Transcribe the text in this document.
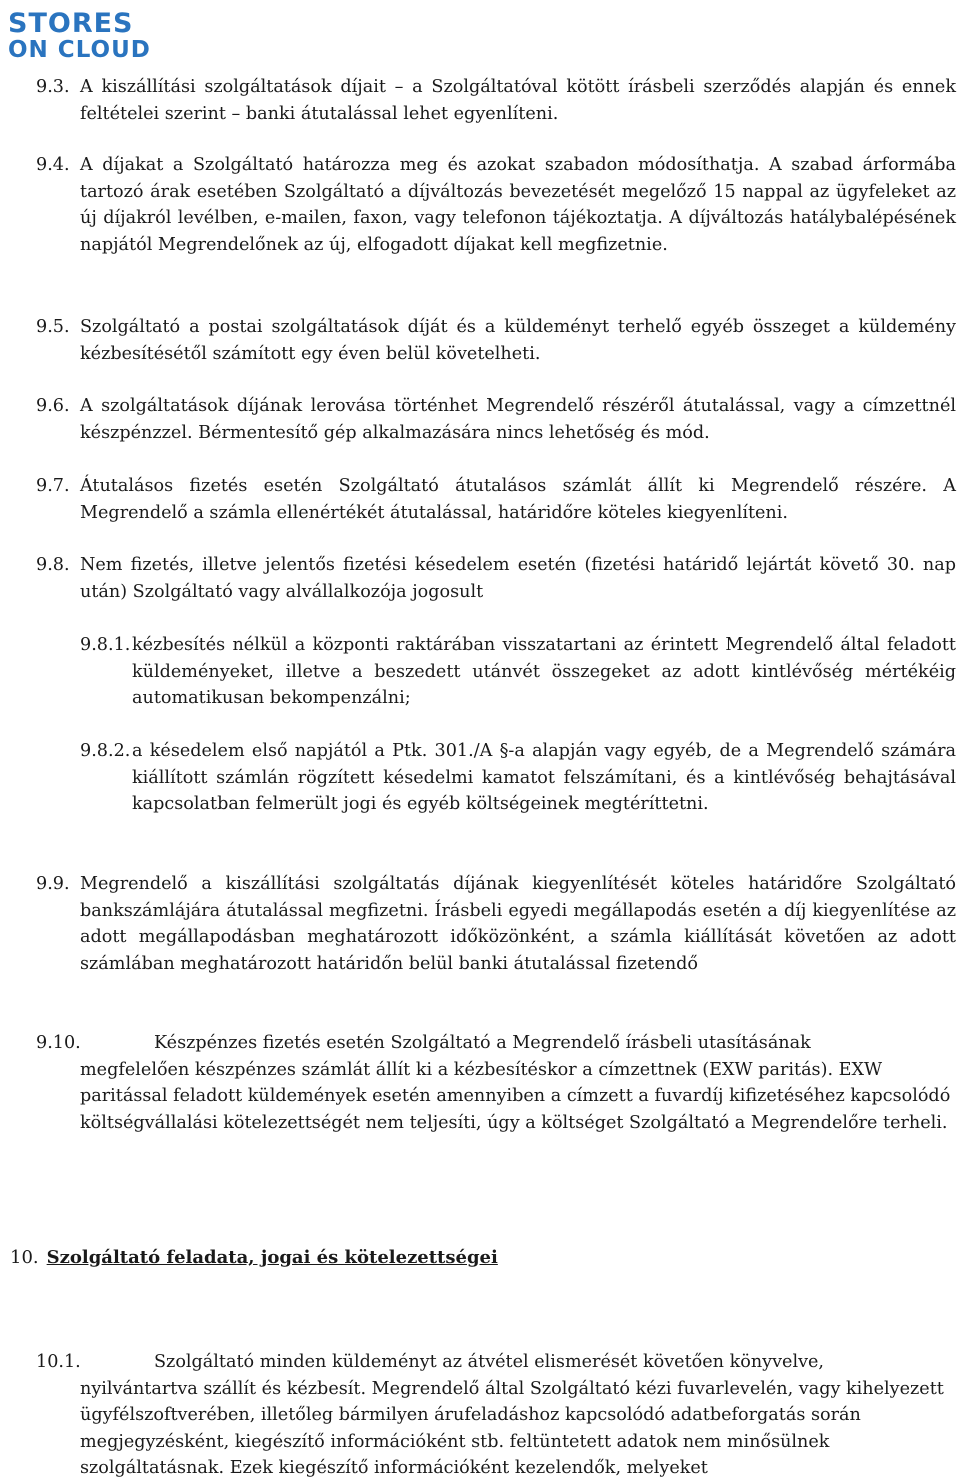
STORES
ON CLOUD
9.3. A kiszállítási szolgáltatások díjait – a Szolgáltatóval kötött írásbeli szerződés alapján és ennek feltételei szerint – banki átutalással lehet egyenlíteni.
9.4. A díjakat a Szolgáltató határozza meg és azokat szabadon módosíthatja. A szabad árformába tartozó árak esetében Szolgáltató a díjváltozás bevezetését megelőző 15 nappal az ügyfeleket az új díjakról levélben, e-mailen, faxon, vagy telefonon tájékoztatja. A díjváltozás hatálybalépésének napjától Megrendelőnek az új, elfogadott díjakat kell megfizetnie.
9.5. Szolgáltató a postai szolgáltatások díját és a küldeményt terhelő egyéb összeget a küldemény kézbesítésétől számított egy éven belül követelheti.
9.6. A szolgáltatások díjának lerovása történhet Megrendelő részéről átutalással, vagy a címzettnél készpénzzel. Bérmentesítő gép alkalmazására nincs lehetőség és mód.
9.7. Átutalásos fizetés esetén Szolgáltató átutalásos számlát állít ki Megrendelő részére. A Megrendelő a számla ellenértékét átutalással, határidőre köteles kiegyenlíteni.
9.8. Nem fizetés, illetve jelentős fizetési késedelem esetén (fizetési határidő lejártát követő 30. nap után) Szolgáltató vagy alvállalkozója jogosult
9.8.1. kézbesítés nélkül a központi raktárában visszatartani az érintett Megrendelő által feladott küldeményeket, illetve a beszedett utánvét összegeket az adott kintlévőség mértékéig automatikusan bekompenzálni;
9.8.2. a késedelem első napjától a Ptk. 301./A §-a alapján vagy egyéb, de a Megrendelő számára kiállított számlán rögzített késedelmi kamatot felszámítani, és a kintlévőség behajtásával kapcsolatban felmerült jogi és egyéb költségeinek megtéríttetni.
9.9. Megrendelő a kiszállítási szolgáltatás díjának kiegyenlítését köteles határidőre Szolgáltató bankszámlájára átutalással megfizetni. Írásbeli egyedi megállapodás esetén a díj kiegyenlítése az adott megállapodásban meghatározott időközönként, a számla kiállítását követően az adott számlában meghatározott határidőn belül banki átutalással fizetendő
9.10.	Készpénzes fizetés esetén Szolgáltató a Megrendelő írásbeli utasításának
megfelelően készpénzes számlát állít ki a kézbesítéskor a címzettnek (EXW paritás). EXW paritással feladott küldemények esetén amennyiben a címzett a fuvardíj kifizetéséhez kapcsolódó költségvállalási kötelezettségét nem teljesíti, úgy a költséget Szolgáltató a Megrendelőre terheli.
10. Szolgáltató feladata, jogai és kötelezettségei
10.1.	Szolgáltató minden küldeményt az átvétel elismerését követően könyvelve,
nyilvántartva szállít és kézbesít. Megrendelő által Szolgáltató kézi fuvarlevelén, vagy kihelyezett ügyfélszoftverében, illetőleg bármilyen árufeladáshoz kapcsolódó adatbeforgatás során megjegyzésként, kiegészítő információként stb. feltüntetett adatok nem minősülnek szolgáltatásnak. Ezek kiegészítő információként kezelendők, melyeket
